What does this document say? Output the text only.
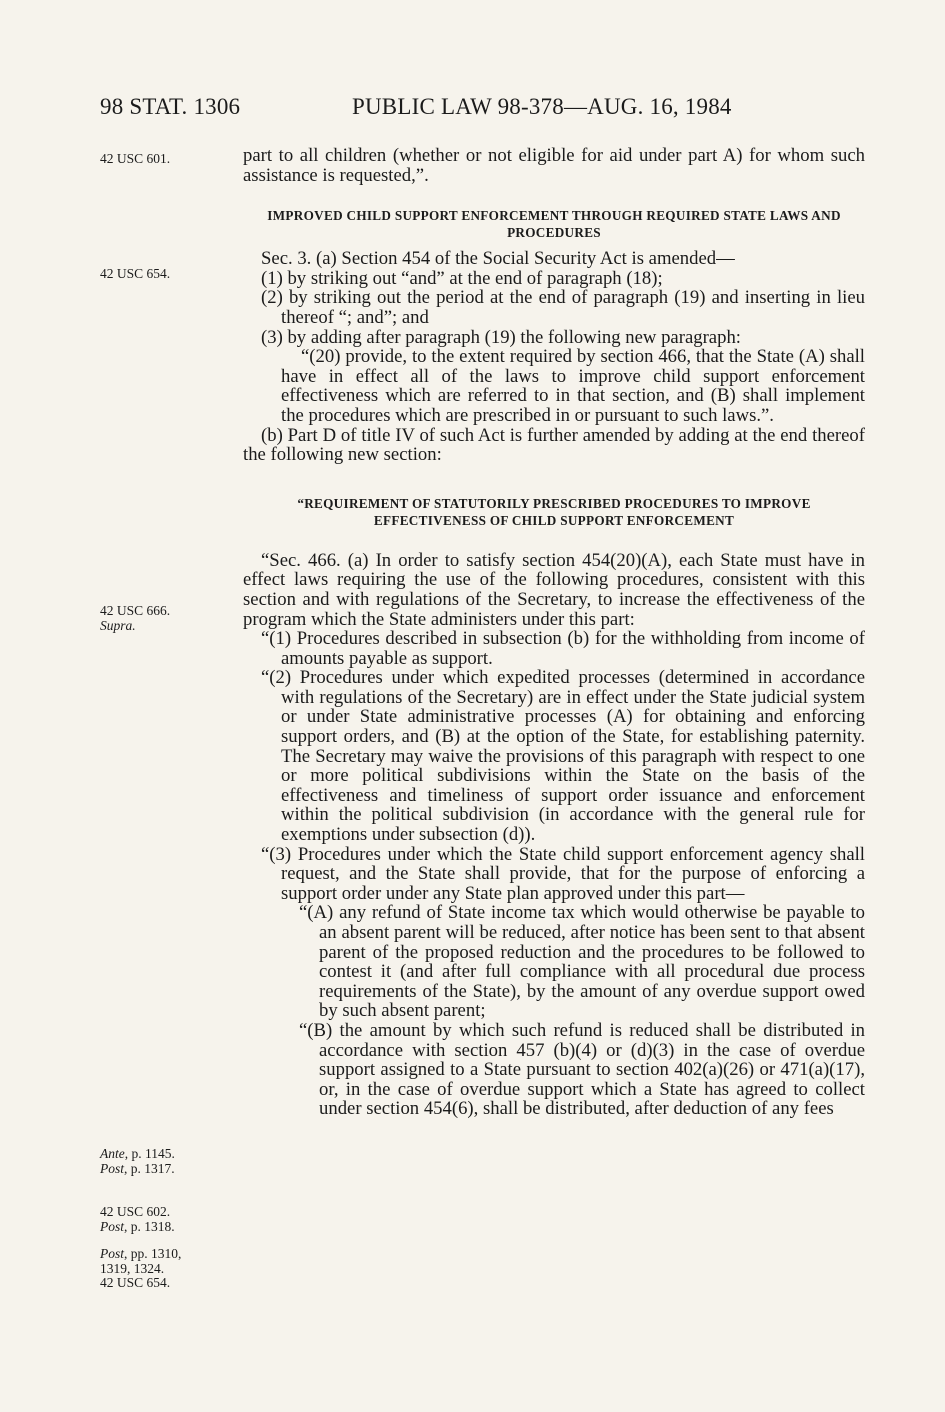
98 STAT. 1306	PUBLIC LAW 98-378—AUG. 16, 1984
42 USC 601.
42 USC 654.
42 USC 666.
Supra.
Ante, p. 1145.
Post, p. 1317.
42 USC 602.
Post, p. 1318.
Post, pp. 1310,
1319, 1324.
42 USC 654.

part to all children (whether or not eligible for aid under part A) for whom such assistance is requested,”.

IMPROVED CHILD SUPPORT ENFORCEMENT THROUGH REQUIRED STATE LAWS AND PROCEDURES

Sec. 3. (a) Section 454 of the Social Security Act is amended—

(1) by striking out “and” at the end of paragraph (18);

(2) by striking out the period at the end of paragraph (19) and inserting in lieu thereof “; and”; and

(3) by adding after paragraph (19) the following new paragraph:

“(20) provide, to the extent required by section 466, that the State (A) shall have in effect all of the laws to improve child support enforcement effectiveness which are referred to in that section, and (B) shall implement the procedures which are prescribed in or pursuant to such laws.”.

(b) Part D of title IV of such Act is further amended by adding at the end thereof the following new section:

“REQUIREMENT OF STATUTORILY PRESCRIBED PROCEDURES TO IMPROVE EFFECTIVENESS OF CHILD SUPPORT ENFORCEMENT

“Sec. 466. (a) In order to satisfy section 454(20)(A), each State must have in effect laws requiring the use of the following procedures, consistent with this section and with regulations of the Secretary, to increase the effectiveness of the program which the State administers under this part:

“(1) Procedures described in subsection (b) for the withholding from income of amounts payable as support.

“(2) Procedures under which expedited processes (determined in accordance with regulations of the Secretary) are in effect under the State judicial system or under State administrative processes (A) for obtaining and enforcing support orders, and (B) at the option of the State, for establishing paternity. The Secretary may waive the provisions of this paragraph with respect to one or more political subdivisions within the State on the basis of the effectiveness and timeliness of support order issuance and enforcement within the political subdivision (in accordance with the general rule for exemptions under subsection (d)).

“(3) Procedures under which the State child support enforcement agency shall request, and the State shall provide, that for the purpose of enforcing a support order under any State plan approved under this part—

“(A) any refund of State income tax which would otherwise be payable to an absent parent will be reduced, after notice has been sent to that absent parent of the proposed reduction and the procedures to be followed to contest it (and after full compliance with all procedural due process requirements of the State), by the amount of any overdue support owed by such absent parent;

“(B) the amount by which such refund is reduced shall be distributed in accordance with section 457 (b)(4) or (d)(3) in the case of overdue support assigned to a State pursuant to section 402(a)(26) or 471(a)(17), or, in the case of overdue support which a State has agreed to collect under section 454(6), shall be distributed, after deduction of any fees
